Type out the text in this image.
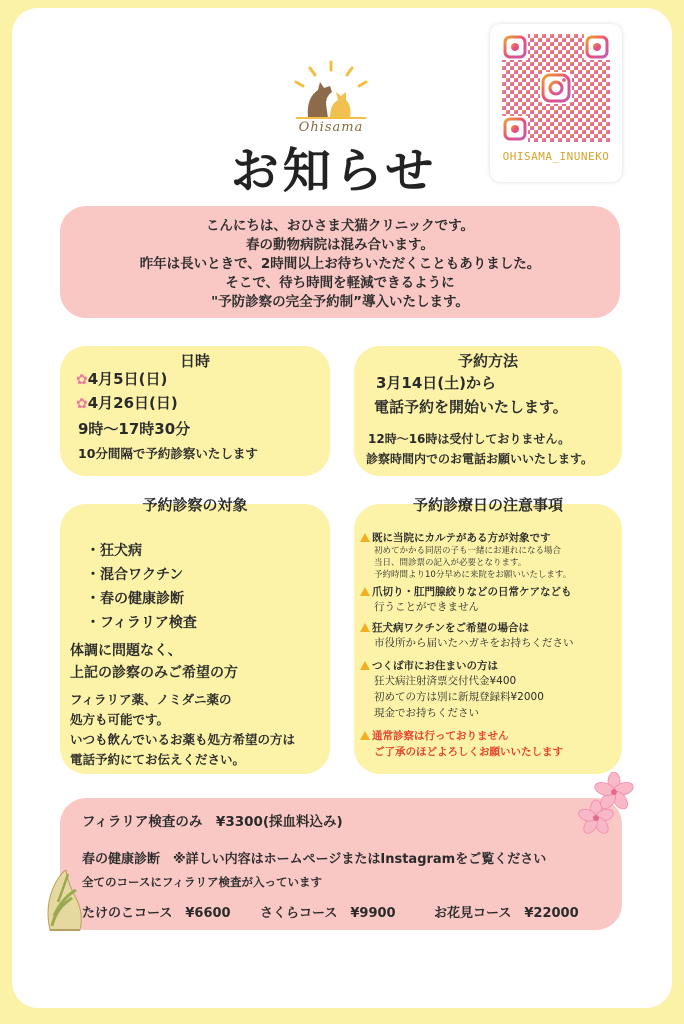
Ohisama
お知らせ	OHISAMA_INUNEKO
こんにちは、おひさま犬猫クリニックです。
春の動物病院は混み合います。
昨年は長いときで、2時間以上お待ちいただくこともありました。
そこで、待ち時間を軽減できるように
"予防診察の完全予約制”導入いたします。
日時
✿4月5日(日)
✿4月26日(日)
9時〜17時30分
10分間隔で予約診察いたします
予約方法
3月14日(土)から
電話予約を開始いたします。
12時〜16時は受付しておりません。
診察時間内でのお電話お願いいたします。
予約診察の対象
・狂犬病
・混合ワクチン
・春の健康診断
・フィラリア検査
体調に問題なく、
上記の診察のみご希望の方
フィラリア薬、ノミダニ薬の
処方も可能です。
いつも飲んでいるお薬も処方希望の方は
電話予約にてお伝えください。
予約診療日の注意事項
既に当院にカルテがある方が対象です
初めてかかる同居の子も一緒にお連れになる場合
当日、問診票の記入が必要となります。
予約時間より10分早めに来院をお願いいたします。
爪切り・肛門腺絞りなどの日常ケアなども
行うことができません
狂犬病ワクチンをご希望の場合は
市役所から届いたハガキをお持ちください
つくば市にお住まいの方は
狂犬病注射済票交付代金¥400
初めての方は別に新規登録料¥2000
現金でお持ちください
通常診察は行っておりません
ご了承のほどよろしくお願いいたします
フィラリア検査のみ　¥3300(採血料込み)
春の健康診断　※詳しい内容はホームページまたはInstagramをご覧ください
全てのコースにフィラリア検査が入っています
たけのこコース　¥6600 さくらコース　¥9900	お花見コース　¥22000
